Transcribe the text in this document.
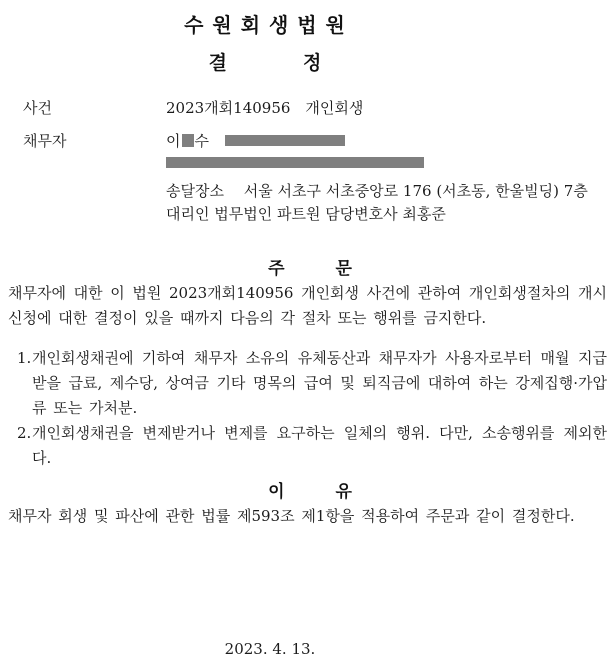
수 원 회 생 법 원
결　　　　정
사건	2023개회140956　개인회생
채무자	이 수
송달장소　 서울 서초구 서초중앙로 176 (서초동, 한울빌딩) 7층
대리인 법무법인 파트원 담당변호사 최홍준
주　　　문
채무자에 대한 이 법원 2023개회140956 개인회생 사건에 관하여 개인회생절차의 개시 신청에 대한 결정이 있을 때까지 다음의 각 절차 또는 행위를 금지한다.
1. 개인회생채권에 기하여 채무자 소유의 유체동산과 채무자가 사용자로부터 매월 지급받을 급료, 제수당, 상여금 기타 명목의 급여 및 퇴직금에 대하여 하는 강제집행·가압류 또는 가처분.
2. 개인회생채권을 변제받거나 변제를 요구하는 일체의 행위. 다만, 소송행위를 제외한다.
이　　　유
채무자 회생 및 파산에 관한 법률 제593조 제1항을 적용하여 주문과 같이 결정한다.
2023. 4. 13.
